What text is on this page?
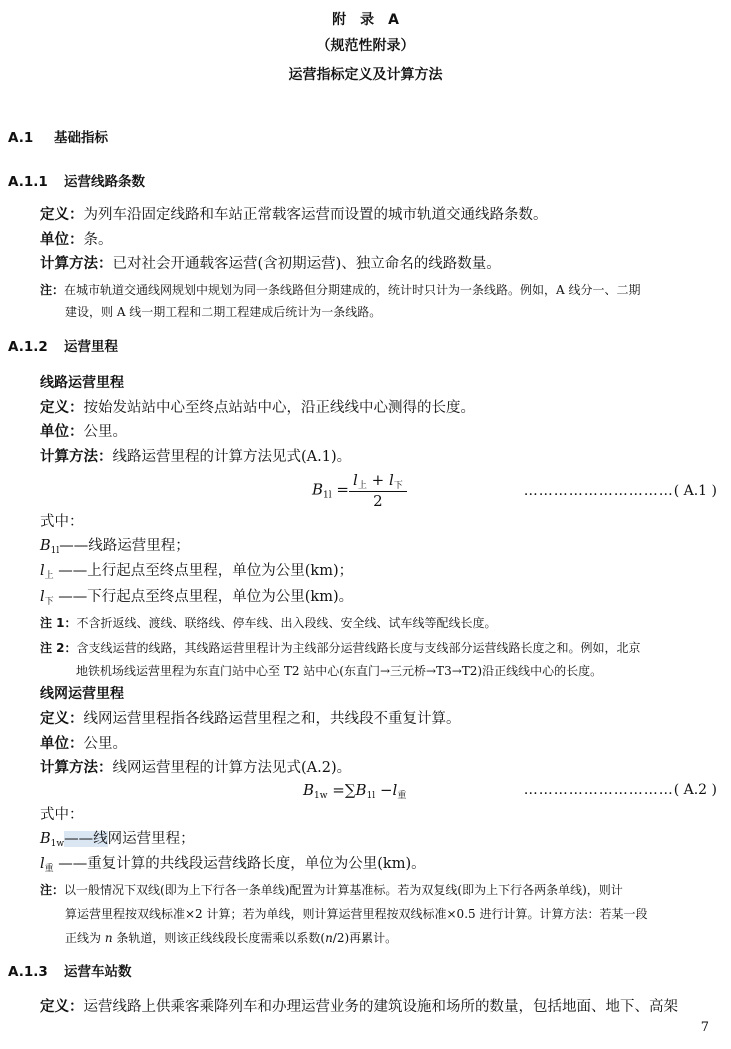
附　录　A
（规范性附录）
运营指标定义及计算方法
A.1 基础指标
A.1.1 运营线路条数
定义：为列车沿固定线路和车站正常载客运营而设置的城市轨道交通线路条数。
单位：条。
计算方法：已对社会开通载客运营(含初期运营)、独立命名的线路数量。
注：在城市轨道交通线网规划中规划为同一条线路但分期建成的，统计时只计为一条线路。例如，A 线分一、二期
建设，则 A 线一期工程和二期工程建成后统计为一条线路。
A.1.2 运营里程
线路运营里程
定义：按始发站站中心至终点站站中心，沿正线线中心测得的长度。
单位：公里。
计算方法：线路运营里程的计算方法见式(A.1)。
$B_{1l} = \frac{l_上 + l_下}{2}$	…………………………( A.1 )
式中：
$B_{1l}——$线路运营里程；
$l_上$ ——上行起点至终点里程，单位为公里(km)；
$l_下$ ——下行起点至终点里程，单位为公里(km)。
注 1：不含折返线、渡线、联络线、停车线、出入段线、安全线、试车线等配线长度。
注 2：含支线运营的线路，其线路运营里程计为主线部分运营线路长度与支线部分运营线路长度之和。例如，北京
地铁机场线运营里程为东直门站中心至 T2 站中心(东直门→三元桥→T3→T2)沿正线线中心的长度。
线网运营里程
定义：线网运营里程指各线路运营里程之和，共线段不重复计算。
单位：公里。
计算方法：线网运营里程的计算方法见式(A.2)。
$B_{1w} =\sum B_{1l} -l_重$	…………………………( A.2 )
式中：
$B_{1w}——$线网运营里程；
$l_重$ ——重复计算的共线段运营线路长度，单位为公里(km)。
注：以一般情况下双线(即为上下行各一条单线)配置为计算基准标。若为双复线(即为上下行各两条单线)，则计
算运营里程按双线标准×2 计算；若为单线，则计算运营里程按双线标准×0.5 进行计算。计算方法：若某一段
正线为 n 条轨道，则该正线线段长度需乘以系数(n/2)再累计。
A.1.3 运营车站数
定义：运营线路上供乘客乘降列车和办理运营业务的建筑设施和场所的数量，包括地面、地下、高架
7
